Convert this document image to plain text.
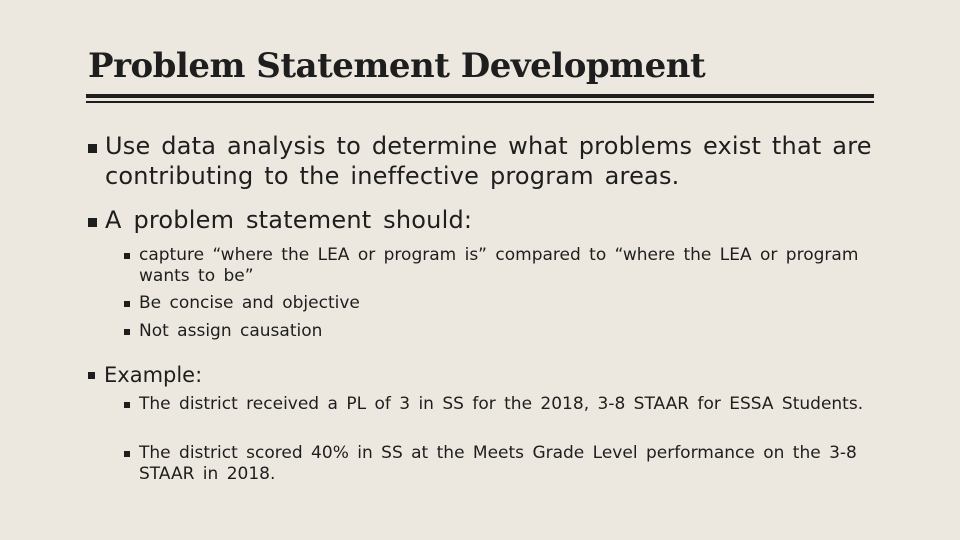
Problem Statement Development
Use data analysis to determine what problems exist that are contributing to the ineffective program areas.
A problem statement should:
capture “where the LEA or program is” compared to “where the LEA or program wants to be”
Be concise and objective
Not assign causation
Example:
The district received a PL of 3 in SS for the 2018, 3-8 STAAR for ESSA Students.
The district scored 40% in SS at the Meets Grade Level performance on the 3-8 STAAR in 2018.
